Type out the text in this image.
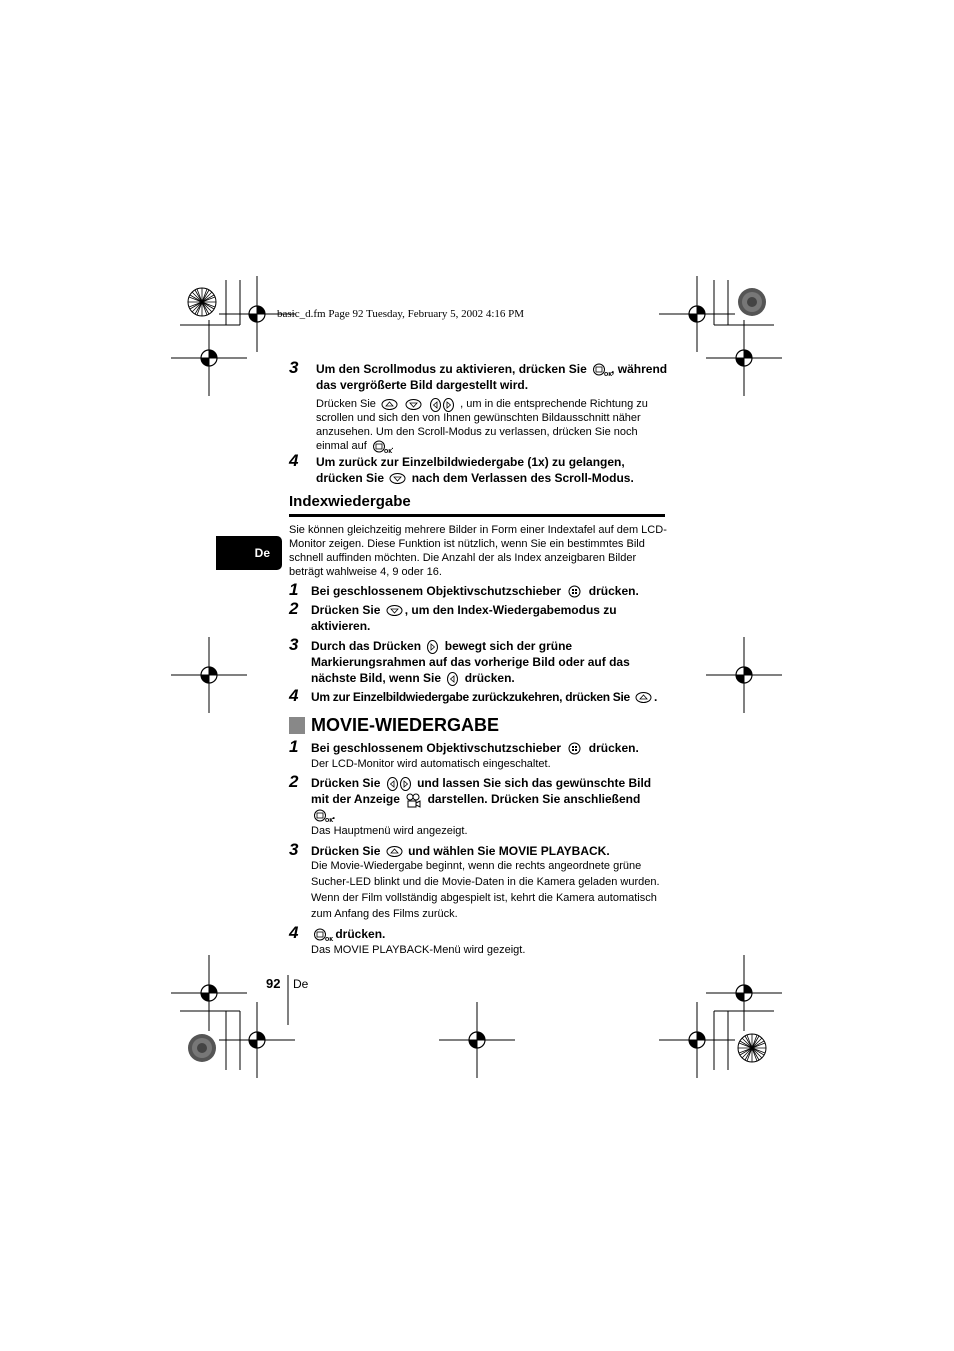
basic_d.fm Page 92 Tuesday, February 5, 2002 4:16 PM
De
3 Um den Scrollmodus zu aktivieren, drücken Sie	OK
, während
das vergrößerte Bild dargestellt wird.
Drücken Sie

	, um in die entsprechende Richtung zu
scrollen und sich den von Ihnen gewünschten Bildausschnitt näher
anzusehen. Um den Scroll-Modus zu verlassen, drücken Sie noch
einmal auf	OK
.
4 Um zurück zur Einzelbildwiedergabe (1x) zu gelangen,
drücken Sie nach dem Verlassen des Scroll-Modus.
Indexwiedergabe
Sie können gleichzeitig mehrere Bilder in Form einer Indextafel auf dem LCD-
Monitor zeigen. Diese Funktion ist nützlich, wenn Sie ein bestimmtes Bild
schnell auffinden möchten. Die Anzahl der als Index anzeigbaren Bilder
beträgt wahlweise 4, 9 oder 16.
1 Bei geschlossenem Objektivschutzschieber drücken.
2 Drücken Sie , um den Index-Wiedergabemodus zu
aktivieren.
3 Durch das Drücken bewegt sich der grüne
Markierungsrahmen auf das vorherige Bild oder auf das
nächste Bild, wenn Sie drücken.
4 Um zur Einzelbildwiedergabe zurückzukehren, drücken Sie .
MOVIE-WIEDERGABE
1 Bei geschlossenem Objektivschutzschieber drücken.
Der LCD-Monitor wird automatisch eingeschaltet.
2 Drücken Sie	und lassen Sie sich das gewünschte Bild
mit der Anzeige darstellen. Drücken Sie anschließend

OK
.
Das Hauptmenü wird angezeigt.
3 Drücken Sie und wählen Sie MOVIE PLAYBACK.
Die Movie-Wiedergabe beginnt, wenn die rechts angeordnete grüne
Sucher-LED blinkt und die Movie-Daten in die Kamera geladen wurden.
Wenn der Film vollständig abgespielt ist, kehrt die Kamera automatisch
zum Anfang des Films zurück.
4	OK drücken.
Das MOVIE PLAYBACK-Menü wird gezeigt.
92 De
